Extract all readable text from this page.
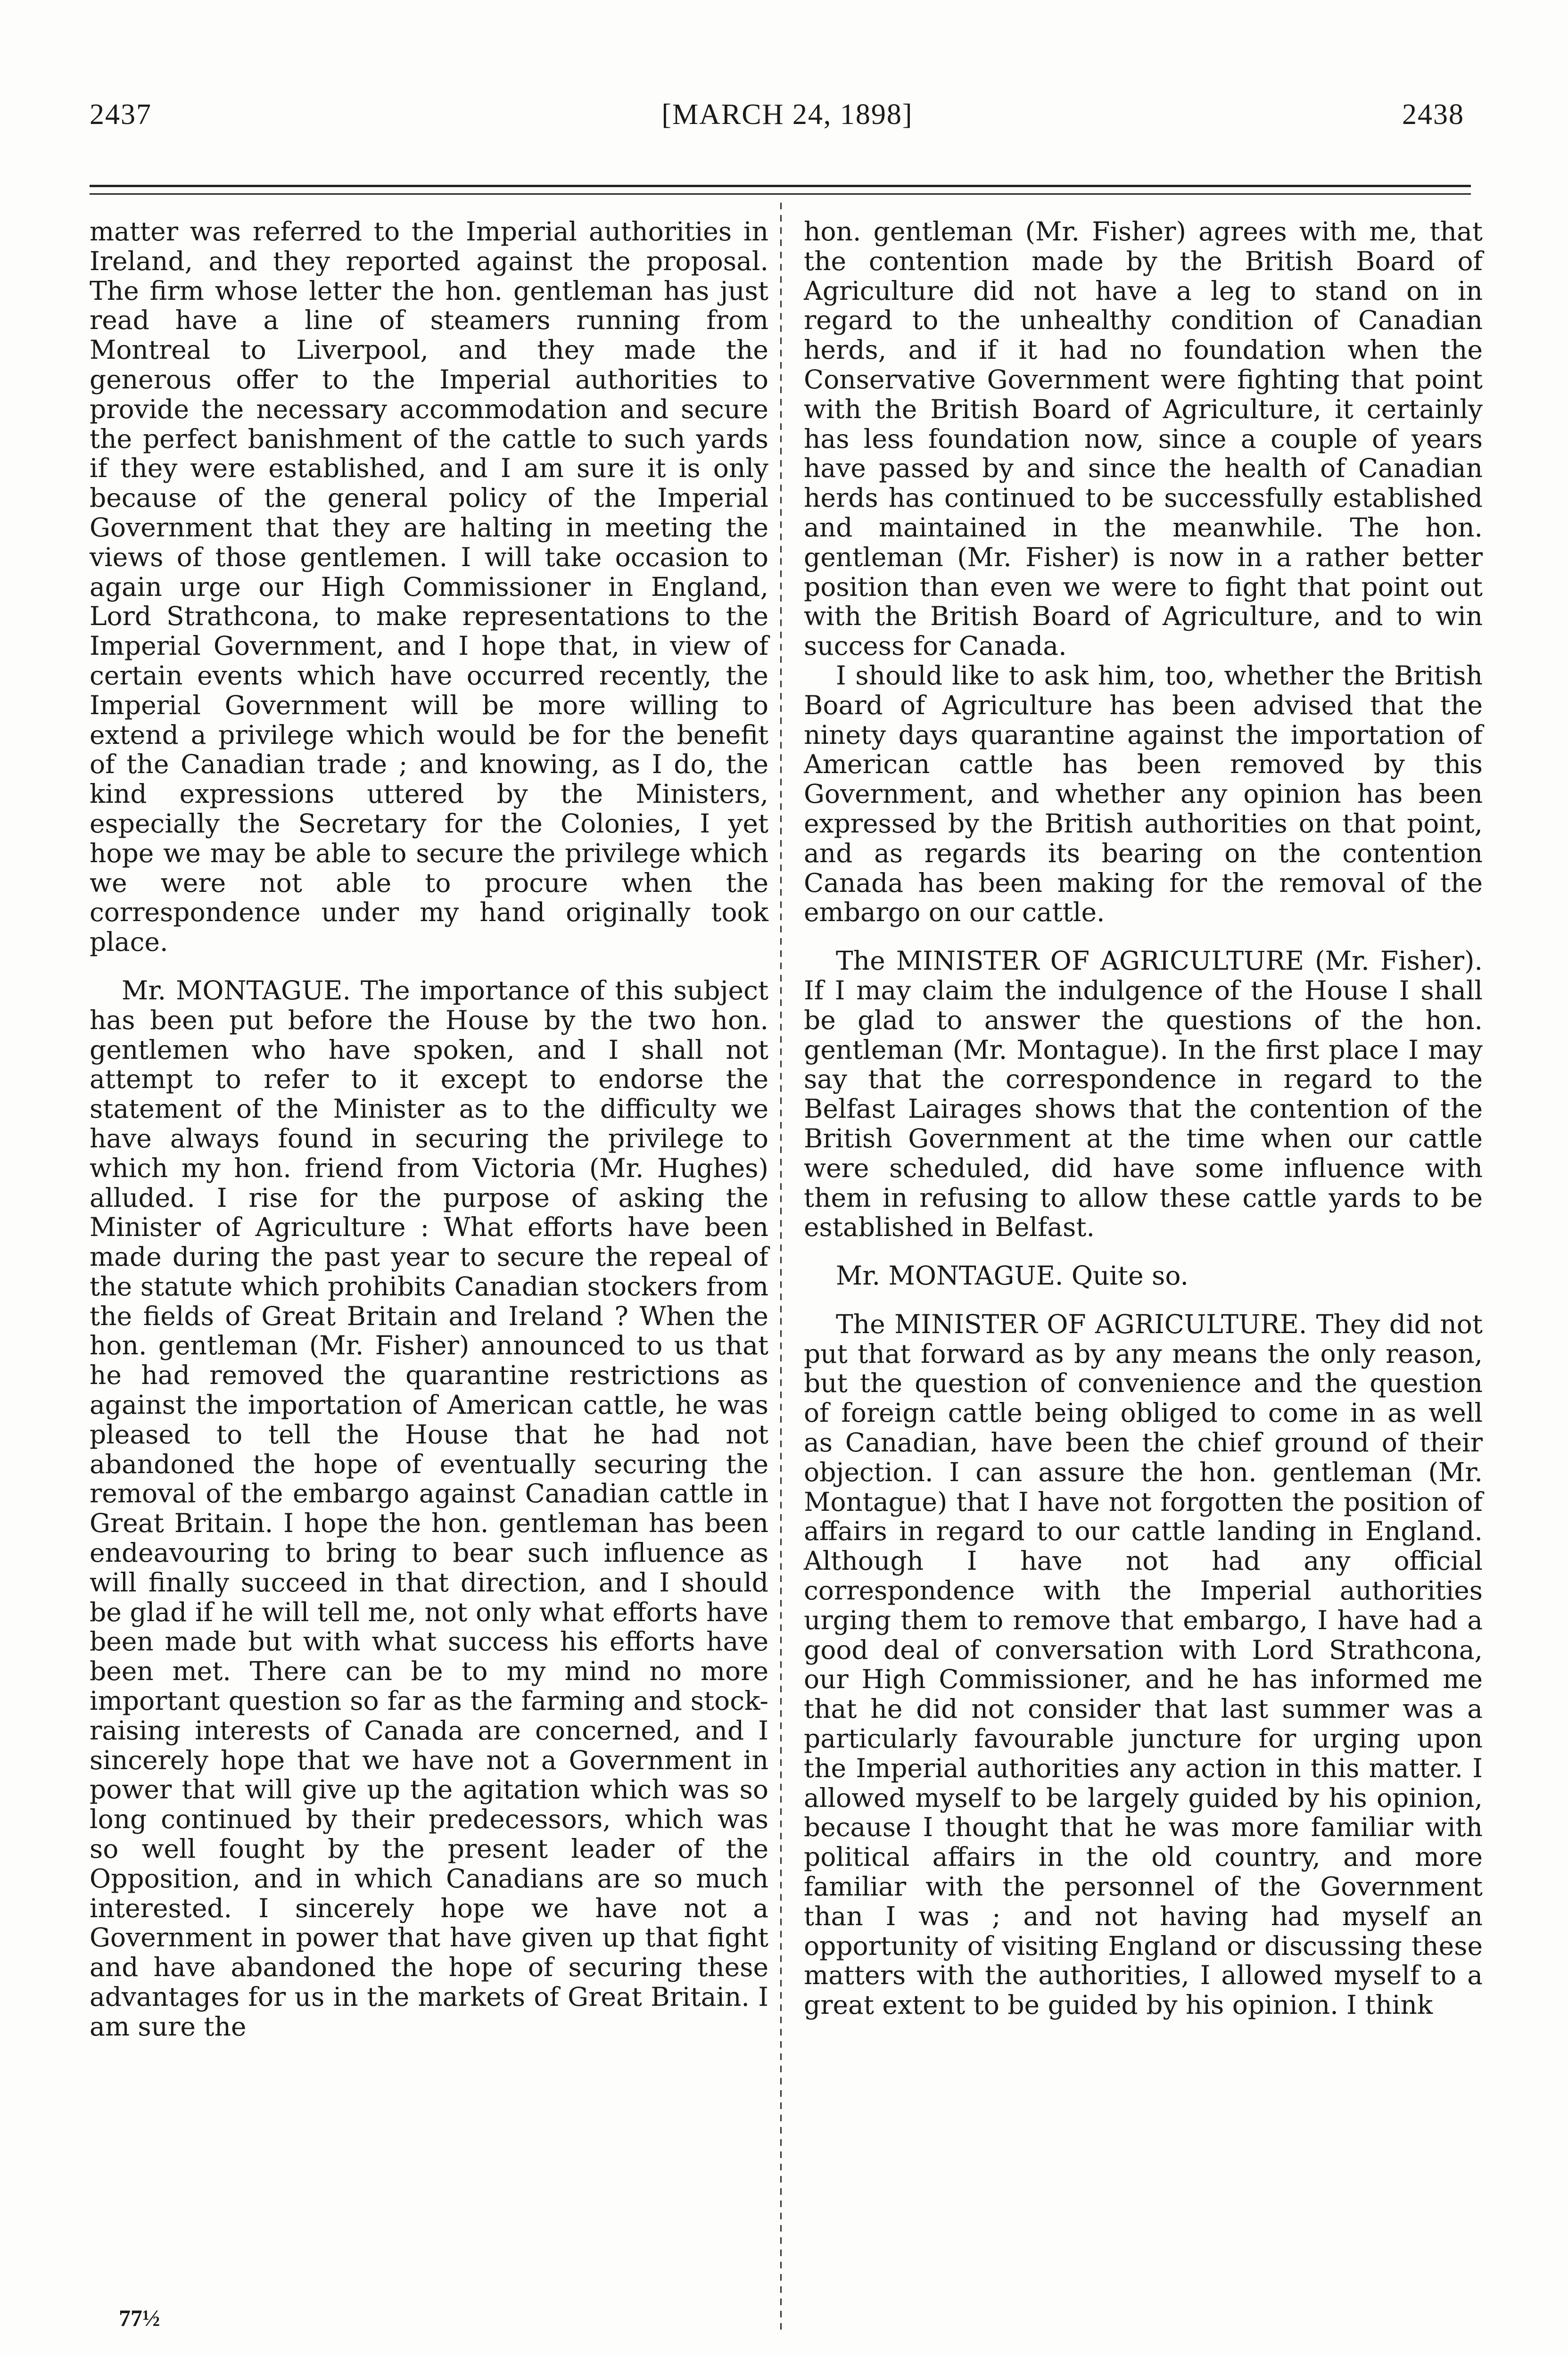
2437	[MARCH 24, 1898]	2438

matter was referred to the Imperial authorities in Ireland, and they reported against the proposal. The firm whose letter the hon. gentleman has just read have a line of steamers running from Montreal to Liverpool, and they made the generous offer to the Imperial authorities to provide the necessary accommodation and secure the perfect banishment of the cattle to such yards if they were established, and I am sure it is only because of the general policy of the Imperial Government that they are halting in meeting the views of those gentlemen. I will take occasion to again urge our High Commissioner in England, Lord Strathcona, to make representations to the Imperial Government, and I hope that, in view of certain events which have occurred recently, the Imperial Government will be more willing to extend a privilege which would be for the benefit of the Canadian trade ; and knowing, as I do, the kind expressions uttered by the Ministers, especially the Secretary for the Colonies, I yet hope we may be able to secure the privilege which we were not able to procure when the correspondence under my hand originally took place.

Mr. MONTAGUE. The importance of this subject has been put before the House by the two hon. gentlemen who have spoken, and I shall not attempt to refer to it except to endorse the statement of the Minister as to the difficulty we have always found in securing the privilege to which my hon. friend from Victoria (Mr. Hughes) alluded. I rise for the purpose of asking the Minister of Agriculture : What efforts have been made during the past year to secure the repeal of the statute which prohibits Canadian stockers from the fields of Great Britain and Ireland ? When the hon. gentleman (Mr. Fisher) announced to us that he had removed the quarantine restrictions as against the importation of American cattle, he was pleased to tell the House that he had not abandoned the hope of eventually securing the removal of the embargo against Canadian cattle in Great Britain. I hope the hon. gentleman has been endeavouring to bring to bear such influence as will finally succeed in that direction, and I should be glad if he will tell me, not only what efforts have been made but with what success his efforts have been met. There can be to my mind no more important question so far as the farming and stock-raising interests of Canada are concerned, and I sincerely hope that we have not a Government in power that will give up the agitation which was so long continued by their predecessors, which was so well fought by the present leader of the Opposition, and in which Canadians are so much interested. I sincerely hope we have not a Government in power that have given up that fight and have abandoned the hope of securing these advantages for us in the markets of Great Britain. I am sure the

hon. gentleman (Mr. Fisher) agrees with me, that the contention made by the British Board of Agriculture did not have a leg to stand on in regard to the unhealthy condition of Canadian herds, and if it had no foundation when the Conservative Government were fighting that point with the British Board of Agriculture, it certainly has less foundation now, since a couple of years have passed by and since the health of Canadian herds has continued to be successfully established and maintained in the meanwhile. The hon. gentleman (Mr. Fisher) is now in a rather better position than even we were to fight that point out with the British Board of Agriculture, and to win success for Canada.

I should like to ask him, too, whether the British Board of Agriculture has been advised that the ninety days quarantine against the importation of American cattle has been removed by this Government, and whether any opinion has been expressed by the British authorities on that point, and as regards its bearing on the contention Canada has been making for the removal of the embargo on our cattle.

The MINISTER OF AGRICULTURE (Mr. Fisher). If I may claim the indulgence of the House I shall be glad to answer the questions of the hon. gentleman (Mr. Montague). In the first place I may say that the correspondence in regard to the Belfast Lairages shows that the contention of the British Government at the time when our cattle were scheduled, did have some influence with them in refusing to allow these cattle yards to be established in Belfast.

Mr. MONTAGUE. Quite so.

The MINISTER OF AGRICULTURE. They did not put that forward as by any means the only reason, but the question of convenience and the question of foreign cattle being obliged to come in as well as Canadian, have been the chief ground of their objection. I can assure the hon. gentleman (Mr. Montague) that I have not forgotten the position of affairs in regard to our cattle landing in England. Although I have not had any official correspondence with the Imperial authorities urging them to remove that embargo, I have had a good deal of conversation with Lord Strathcona, our High Commissioner, and he has informed me that he did not consider that last summer was a particularly favourable juncture for urging upon the Imperial authorities any action in this matter. I allowed myself to be largely guided by his opinion, because I thought that he was more familiar with political affairs in the old country, and more familiar with the personnel of the Government than I was ; and not having had myself an opportunity of visiting England or discussing these matters with the authorities, I allowed myself to a great extent to be guided by his opinion. I think

77½
